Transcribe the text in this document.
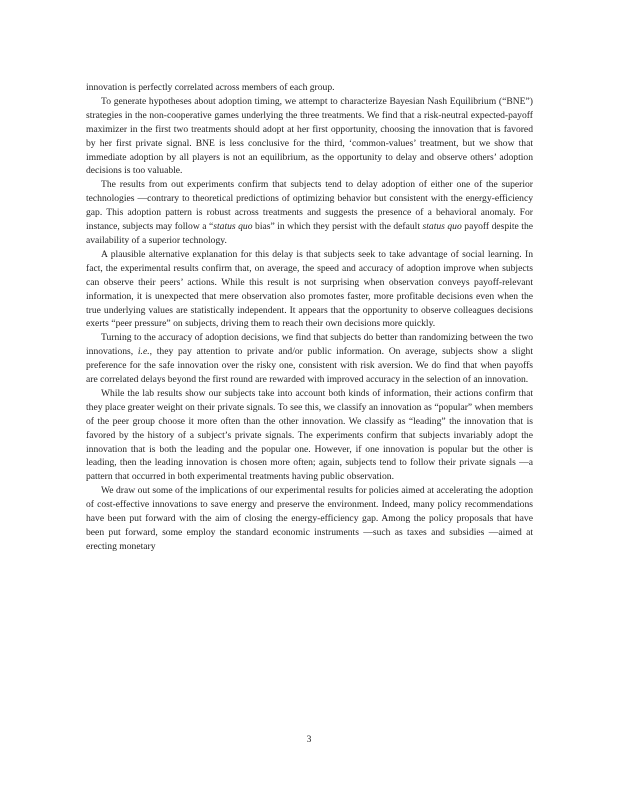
innovation is perfectly correlated across members of each group.

To generate hypotheses about adoption timing, we attempt to characterize Bayesian Nash Equilibrium (“BNE”) strategies in the non-cooperative games underlying the three treatments. We find that a risk-neutral expected-payoff maximizer in the first two treatments should adopt at her first opportunity, choosing the innovation that is favored by her first private signal. BNE is less conclusive for the third, ‘common-values’ treatment, but we show that immediate adoption by all players is not an equilibrium, as the opportunity to delay and observe others’ adoption decisions is too valuable.

The results from out experiments confirm that subjects tend to delay adoption of either one of the superior technologies —contrary to theoretical predictions of optimizing behavior but consistent with the energy-efficiency gap. This adoption pattern is robust across treatments and suggests the presence of a behavioral anomaly. For instance, subjects may follow a “status quo bias” in which they persist with the default status quo payoff despite the availability of a superior technology.

A plausible alternative explanation for this delay is that subjects seek to take advantage of social learning. In fact, the experimental results confirm that, on average, the speed and accuracy of adoption improve when subjects can observe their peers’ actions. While this result is not surprising when observation conveys payoff-relevant information, it is unexpected that mere observation also promotes faster, more profitable decisions even when the true underlying values are statistically independent. It appears that the opportunity to observe colleagues decisions exerts “peer pressure” on subjects, driving them to reach their own decisions more quickly.

Turning to the accuracy of adoption decisions, we find that subjects do better than randomizing between the two innovations, i.e., they pay attention to private and/or public information. On average, subjects show a slight preference for the safe innovation over the risky one, consistent with risk aversion. We do find that when payoffs are correlated delays beyond the first round are rewarded with improved accuracy in the selection of an innovation.

While the lab results show our subjects take into account both kinds of information, their actions confirm that they place greater weight on their private signals. To see this, we classify an innovation as “popular” when members of the peer group choose it more often than the other innovation. We classify as “leading” the innovation that is favored by the history of a subject’s private signals. The experiments confirm that subjects invariably adopt the innovation that is both the leading and the popular one. However, if one innovation is popular but the other is leading, then the leading innovation is chosen more often; again, subjects tend to follow their private signals —a pattern that occurred in both experimental treatments having public observation.

We draw out some of the implications of our experimental results for policies aimed at accelerating the adoption of cost-effective innovations to save energy and preserve the environment. Indeed, many policy recommendations have been put forward with the aim of closing the energy-efficiency gap. Among the policy proposals that have been put forward, some employ the standard economic instruments —such as taxes and subsidies —aimed at erecting monetary

3
